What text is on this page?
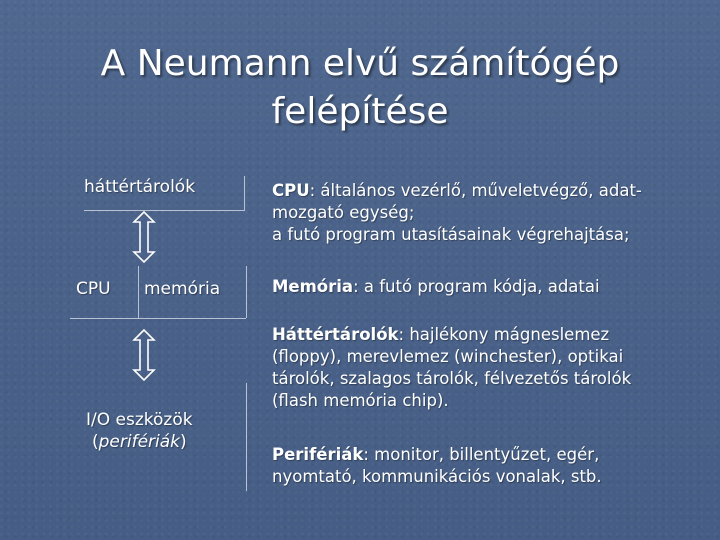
A Neumann elvű számítógép
felépítése
háttértárolók
CPU memória
I/O eszközök
(perifériák)
CPU: általános vezérlő, műveletvégző, adat-
mozgató egység;
a futó program utasításainak végrehajtása;
Memória: a futó program kódja, adatai
Háttértárolók: hajlékony mágneslemez
(floppy), merevlemez (winchester), optikai
tárolók, szalagos tárolók, félvezetős tárolók
(flash memória chip).
Perifériák: monitor, billentyűzet, egér,
nyomtató, kommunikációs vonalak, stb.
